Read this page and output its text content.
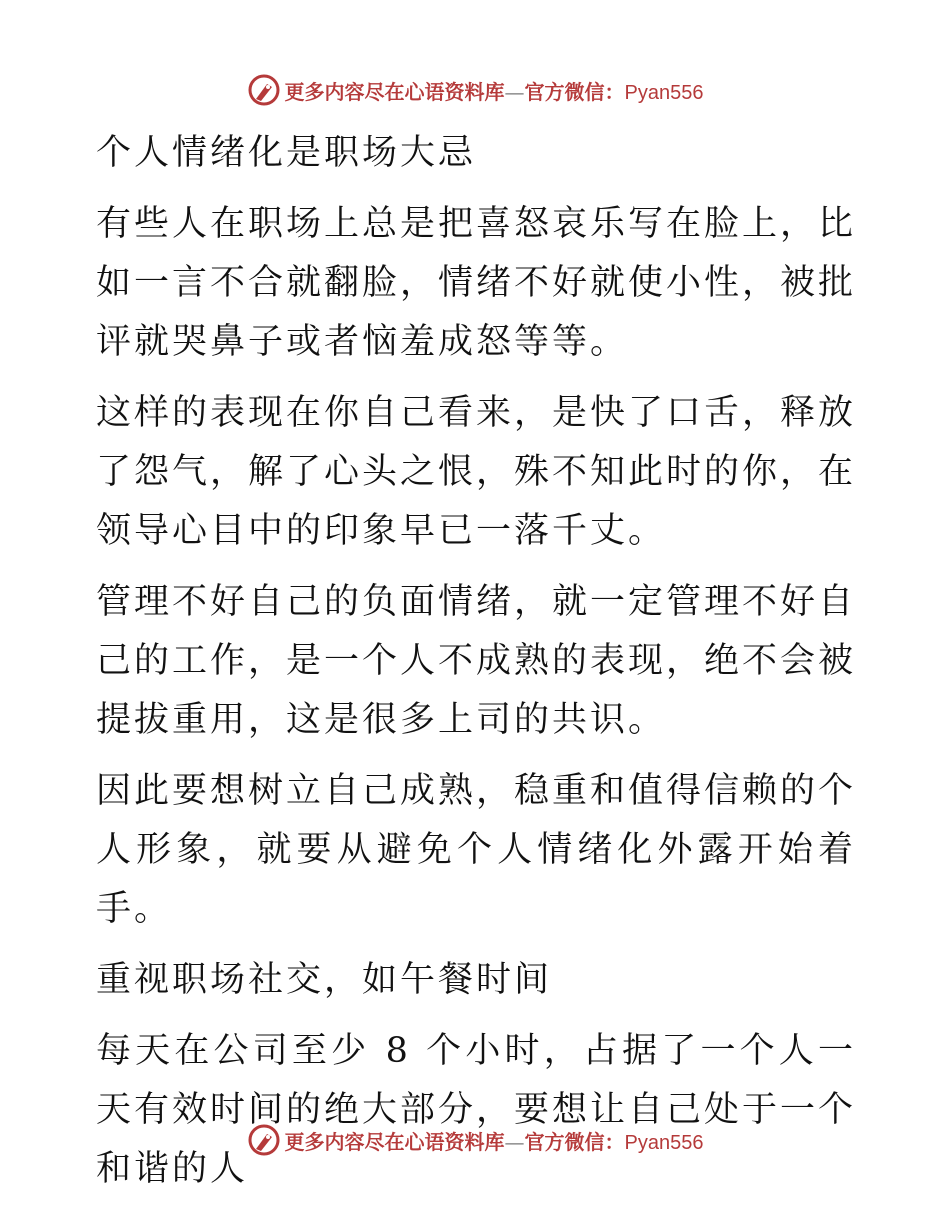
更多内容尽在心语资料库—官方微信：Pyan556

个人情绪化是职场大忌

有些人在职场上总是把喜怒哀乐写在脸上，比如一言不合就翻脸，情绪不好就使小性，被批评就哭鼻子或者恼羞成怒等等。

这样的表现在你自己看来，是快了口舌，释放了怨气，解了心头之恨，殊不知此时的你，在领导心目中的印象早已一落千丈。

管理不好自己的负面情绪，就一定管理不好自己的工作，是一个人不成熟的表现，绝不会被提拔重用，这是很多上司的共识。

因此要想树立自己成熟，稳重和值得信赖的个人形象，就要从避免个人情绪化外露开始着手。

重视职场社交，如午餐时间

每天在公司至少 8 个小时，占据了一个人一天有效时间的绝大部分，要想让自己处于一个和谐的人

更多内容尽在心语资料库—官方微信：Pyan556
